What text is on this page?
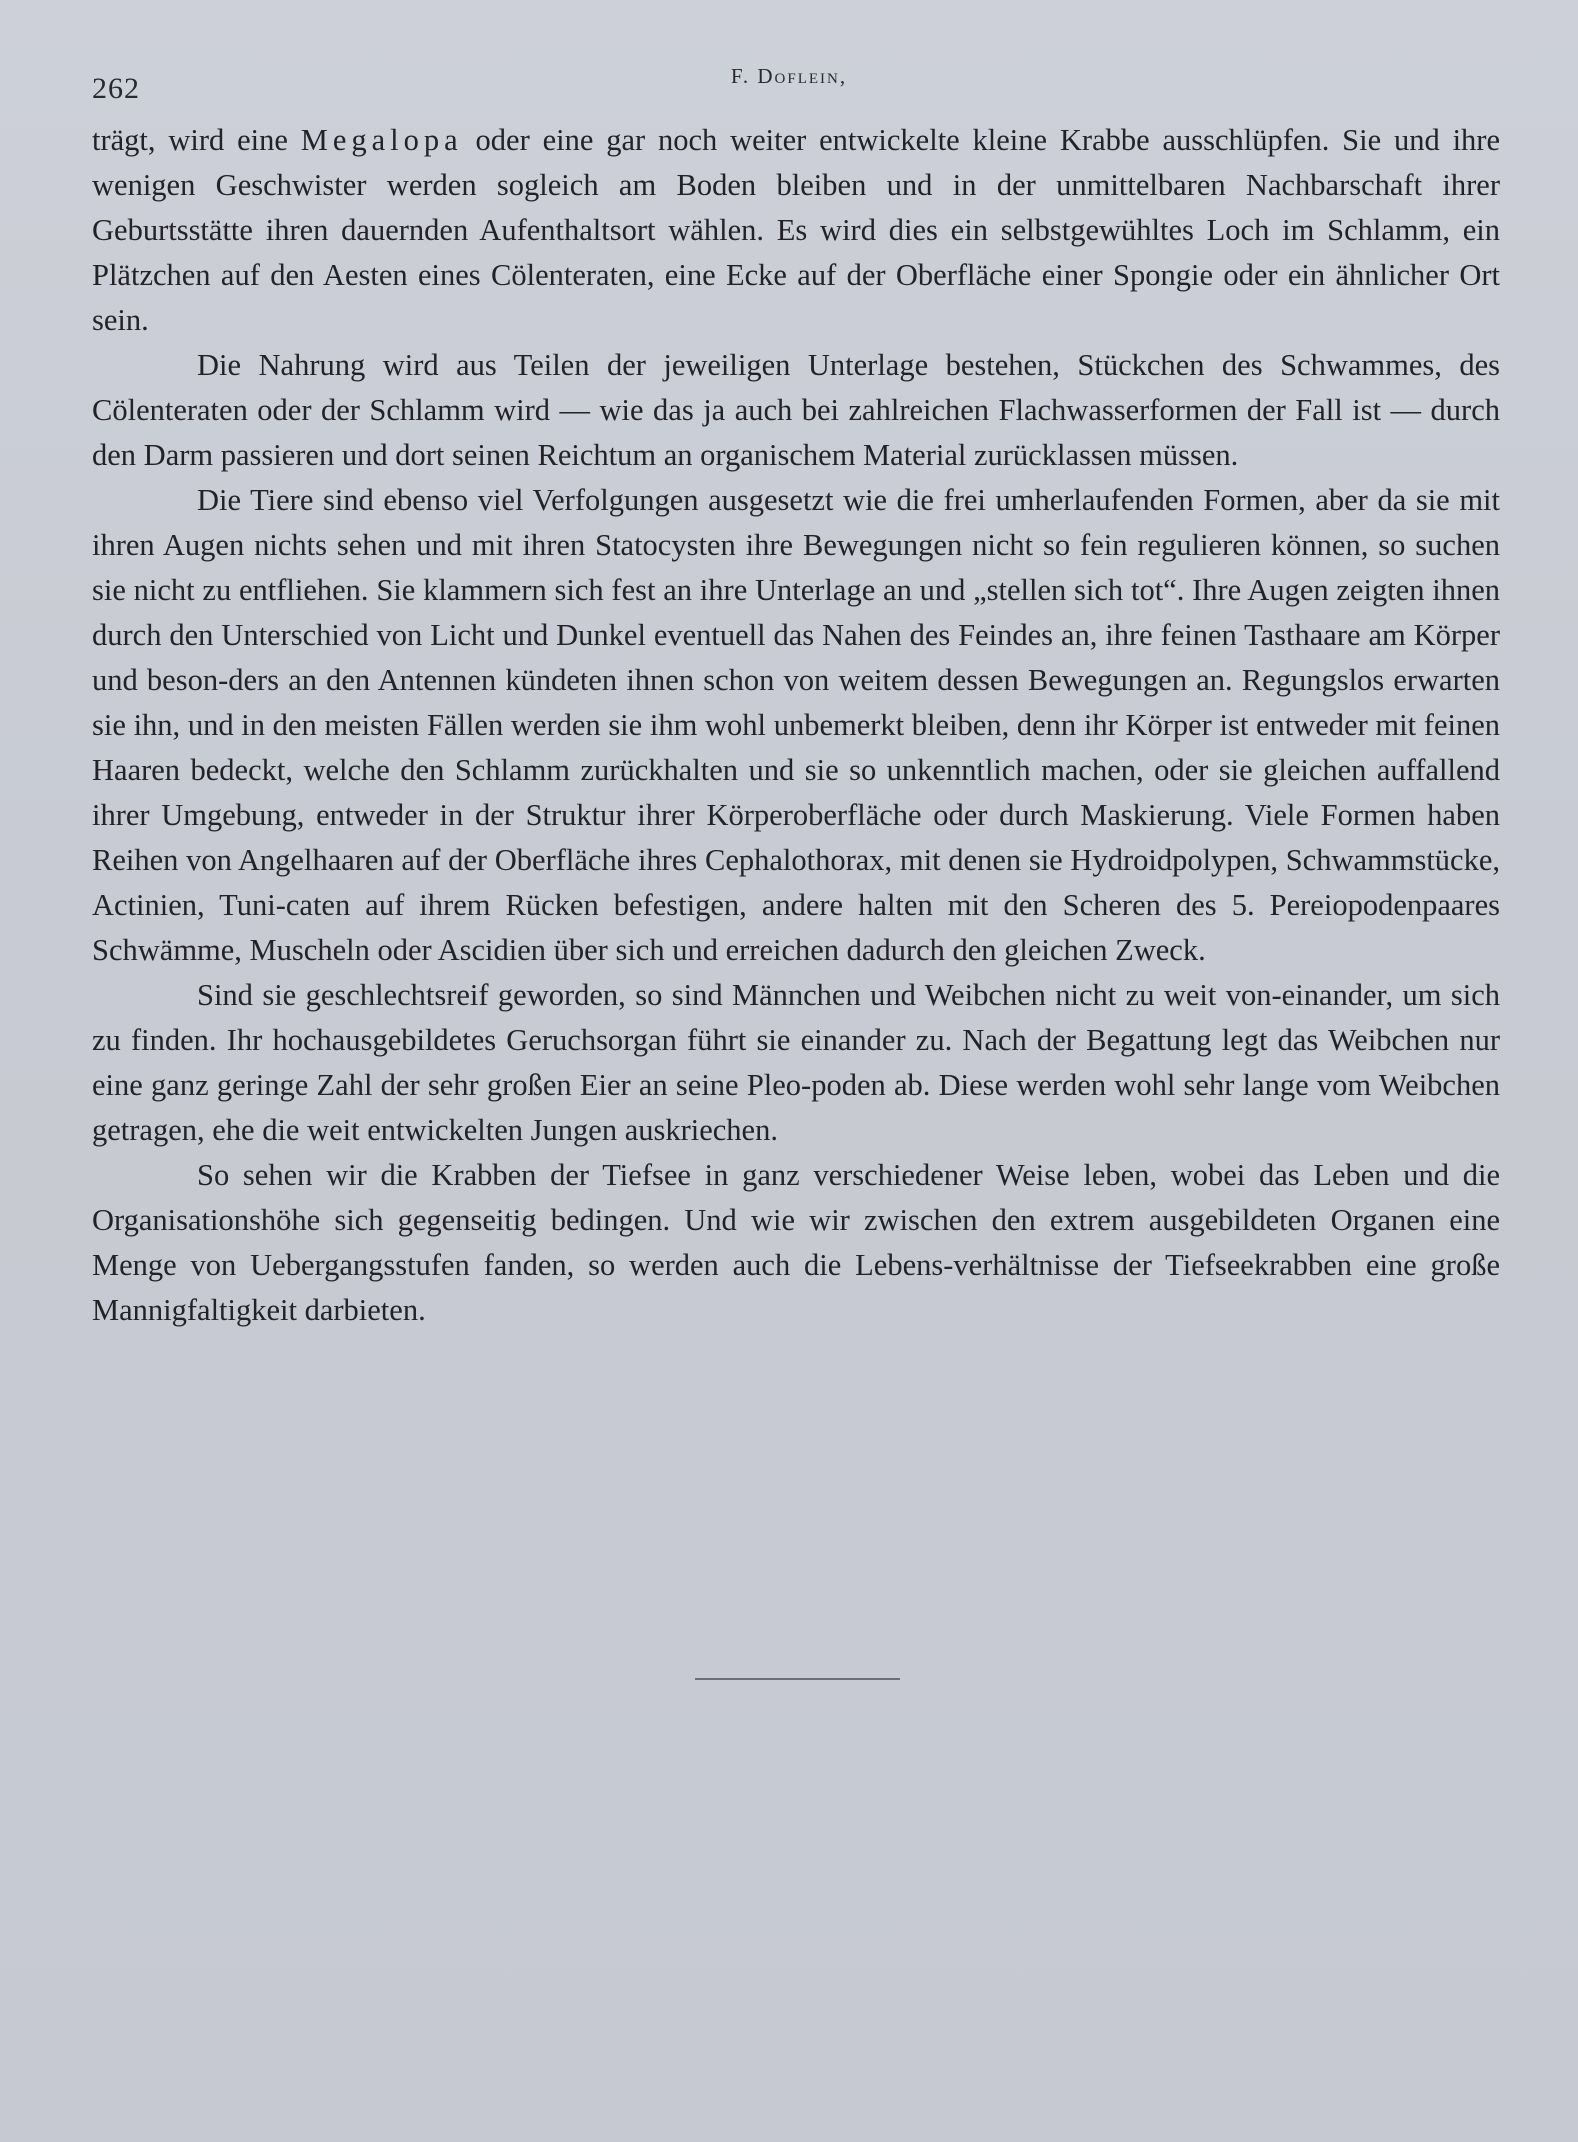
262	F. Doflein,

trägt, wird eine Megalopa oder eine gar noch weiter entwickelte kleine Krabbe ausschlüpfen. Sie und ihre wenigen Geschwister werden sogleich am Boden bleiben und in der unmittelbaren Nachbarschaft ihrer Geburtsstätte ihren dauernden Aufenthaltsort wählen. Es wird dies ein selbstgewühltes Loch im Schlamm, ein Plätzchen auf den Aesten eines Cölenteraten, eine Ecke auf der Oberfläche einer Spongie oder ein ähnlicher Ort sein.

Die Nahrung wird aus Teilen der jeweiligen Unterlage bestehen, Stückchen des Schwammes, des Cölenteraten oder der Schlamm wird — wie das ja auch bei zahlreichen Flachwasserformen der Fall ist — durch den Darm passieren und dort seinen Reichtum an organischem Material zurücklassen müssen.

Die Tiere sind ebenso viel Verfolgungen ausgesetzt wie die frei umherlaufenden Formen, aber da sie mit ihren Augen nichts sehen und mit ihren Statocysten ihre Bewegungen nicht so fein regulieren können, so suchen sie nicht zu entfliehen. Sie klammern sich fest an ihre Unterlage an und „stellen sich tot“. Ihre Augen zeigten ihnen durch den Unterschied von Licht und Dunkel eventuell das Nahen des Feindes an, ihre feinen Tasthaare am Körper und beson-ders an den Antennen kündeten ihnen schon von weitem dessen Bewegungen an. Regungslos erwarten sie ihn, und in den meisten Fällen werden sie ihm wohl unbemerkt bleiben, denn ihr Körper ist entweder mit feinen Haaren bedeckt, welche den Schlamm zurückhalten und sie so unkenntlich machen, oder sie gleichen auffallend ihrer Umgebung, entweder in der Struktur ihrer Körperoberfläche oder durch Maskierung. Viele Formen haben Reihen von Angelhaaren auf der Oberfläche ihres Cephalothorax, mit denen sie Hydroidpolypen, Schwammstücke, Actinien, Tuni-caten auf ihrem Rücken befestigen, andere halten mit den Scheren des 5. Pereiopodenpaares Schwämme, Muscheln oder Ascidien über sich und erreichen dadurch den gleichen Zweck.

Sind sie geschlechtsreif geworden, so sind Männchen und Weibchen nicht zu weit von-einander, um sich zu finden. Ihr hochausgebildetes Geruchsorgan führt sie einander zu. Nach der Begattung legt das Weibchen nur eine ganz geringe Zahl der sehr großen Eier an seine Pleo-poden ab. Diese werden wohl sehr lange vom Weibchen getragen, ehe die weit entwickelten Jungen auskriechen.

So sehen wir die Krabben der Tiefsee in ganz verschiedener Weise leben, wobei das Leben und die Organisationshöhe sich gegenseitig bedingen. Und wie wir zwischen den extrem ausgebildeten Organen eine Menge von Uebergangsstufen fanden, so werden auch die Lebens-verhältnisse der Tiefseekrabben eine große Mannigfaltigkeit darbieten.
